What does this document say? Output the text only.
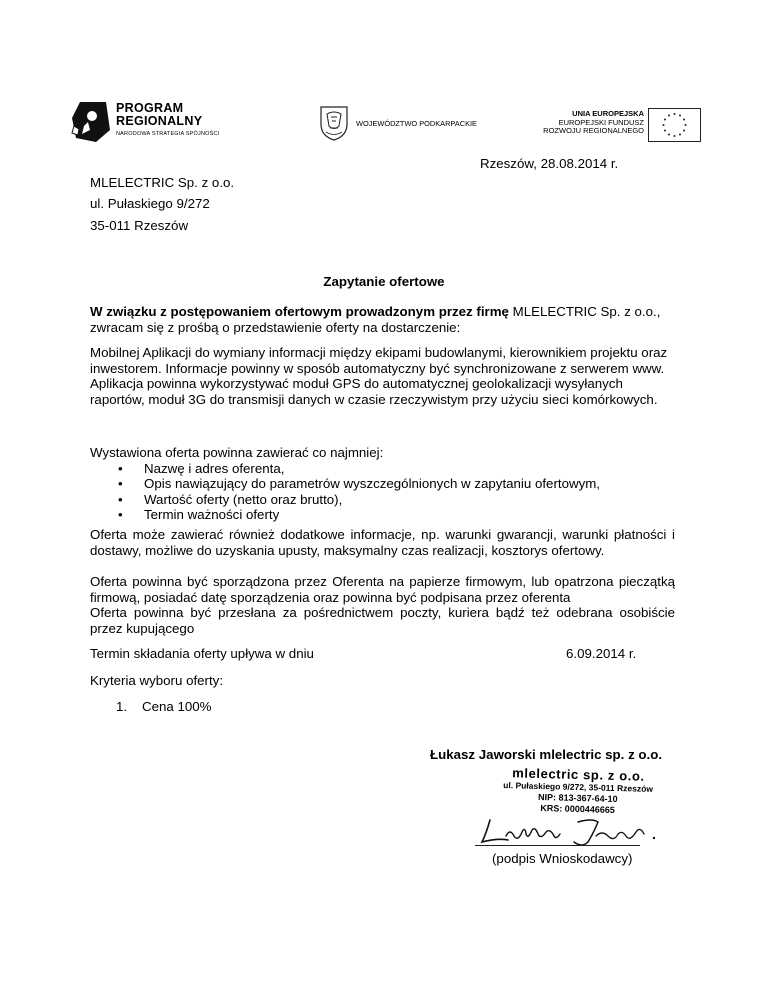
PROGRAM
REGIONALNY
NARODOWA STRATEGIA SPÓJNOŚCI
WOJEWÓDZTWO PODKARPACKIE
UNIA EUROPEJSKA
EUROPEJSKI FUNDUSZ
ROZWOJU REGIONALNEGO
Rzeszów, 28.08.2014 r.
MLELECTRIC Sp. z o.o.
ul. Pułaskiego 9/272
35-011 Rzeszów
Zapytanie ofertowe
W związku z postępowaniem ofertowym prowadzonym przez firmę MLELECTRIC Sp. z o.o., zwracam się z prośbą o przedstawienie oferty na dostarczenie:
Mobilnej Aplikacji do wymiany informacji między ekipami budowlanymi, kierownikiem projektu oraz inwestorem. Informacje powinny w sposób automatyczny być synchronizowane z serwerem www. Aplikacja powinna wykorzystywać moduł GPS do automatycznej geolokalizacji wysyłanych raportów, moduł 3G do transmisji danych w czasie rzeczywistym przy użyciu sieci komórkowych.
Wystawiona oferta powinna zawierać co najmniej:
• Nazwę i adres oferenta,
• Opis nawiązujący do parametrów wyszczególnionych w zapytaniu ofertowym,
• Wartość oferty (netto oraz brutto),
• Termin ważności oferty
Oferta może zawierać również dodatkowe informacje, np. warunki gwarancji, warunki płatności i dostawy, możliwe do uzyskania upusty, maksymalny czas realizacji, kosztorys ofertowy.
Oferta powinna być sporządzona przez Oferenta na papierze firmowym, lub opatrzona pieczątką firmową, posiadać datę sporządzenia oraz powinna być podpisana przez oferenta
Oferta powinna być przesłana za pośrednictwem poczty, kuriera bądź też odebrana osobiście przez kupującego
Termin składania oferty upływa w dniu	6.09.2014 r.
Kryteria wyboru oferty:
1. Cena 100%
Łukasz Jaworski mlelectric sp. z o.o.
mlelectric sp. z o.o.
ul. Pułaskiego 9/272, 35-011 Rzeszów
NIP: 813-367-64-10
KRS: 0000446665
(podpis Wnioskodawcy)
